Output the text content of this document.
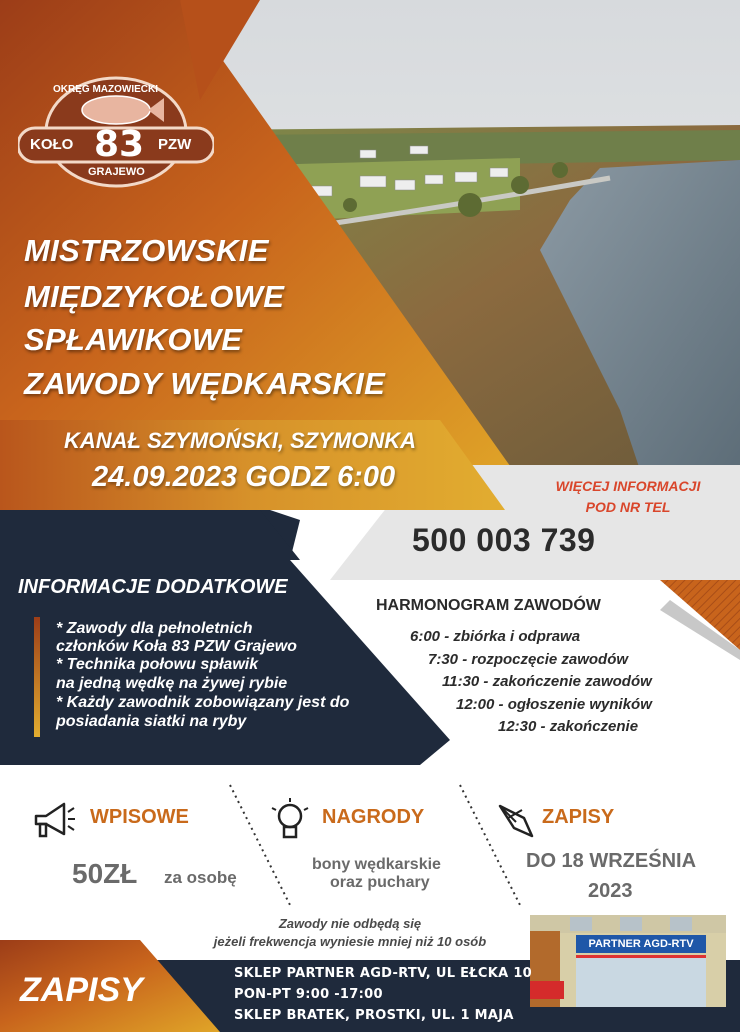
OKRĘG MAZOWIECKI
KOŁO 83 PZW
GRAJEWO
MISTRZOWSKIE
MIĘDZYKOŁOWE
SPŁAWIKOWE
ZAWODY WĘDKARSKIE
KANAŁ SZYMOŃSKI, SZYMONKA
24.09.2023 GODZ 6:00	WIĘCEJ INFORMACJI
POD NR TEL
500 003 739
INFORMACJE DODATKOWE
* Zawody dla pełnoletnich
członków Koła 83 PZW Grajewo
* Technika połowu spławik
na jedną wędkę na żywej rybie
* Każdy zawodnik zobowiązany jest do
posiadania siatki na ryby
HARMONOGRAM ZAWODÓW
6:00 - zbiórka i odprawa
7:30 - rozpoczęcie zawodów
11:30 - zakończenie zawodów
12:00 - ogłoszenie wyników
12:30 - zakończenie
WPISOWE
50ZŁ za osobę
NAGRODY
bony wędkarskie
oraz puchary
ZAPISY
DO 18 WRZEŚNIA
2023
Zawody nie odbędą się
jeżeli frekwencja wyniesie mniej niż 10 osób	PARTNER AGD-RTV
ZAPISY	SKLEP PARTNER AGD-RTV, UL EŁCKA 10
PON-PT 9:00 -17:00
SKLEP BRATEK, PROSTKI, UL. 1 MAJA
